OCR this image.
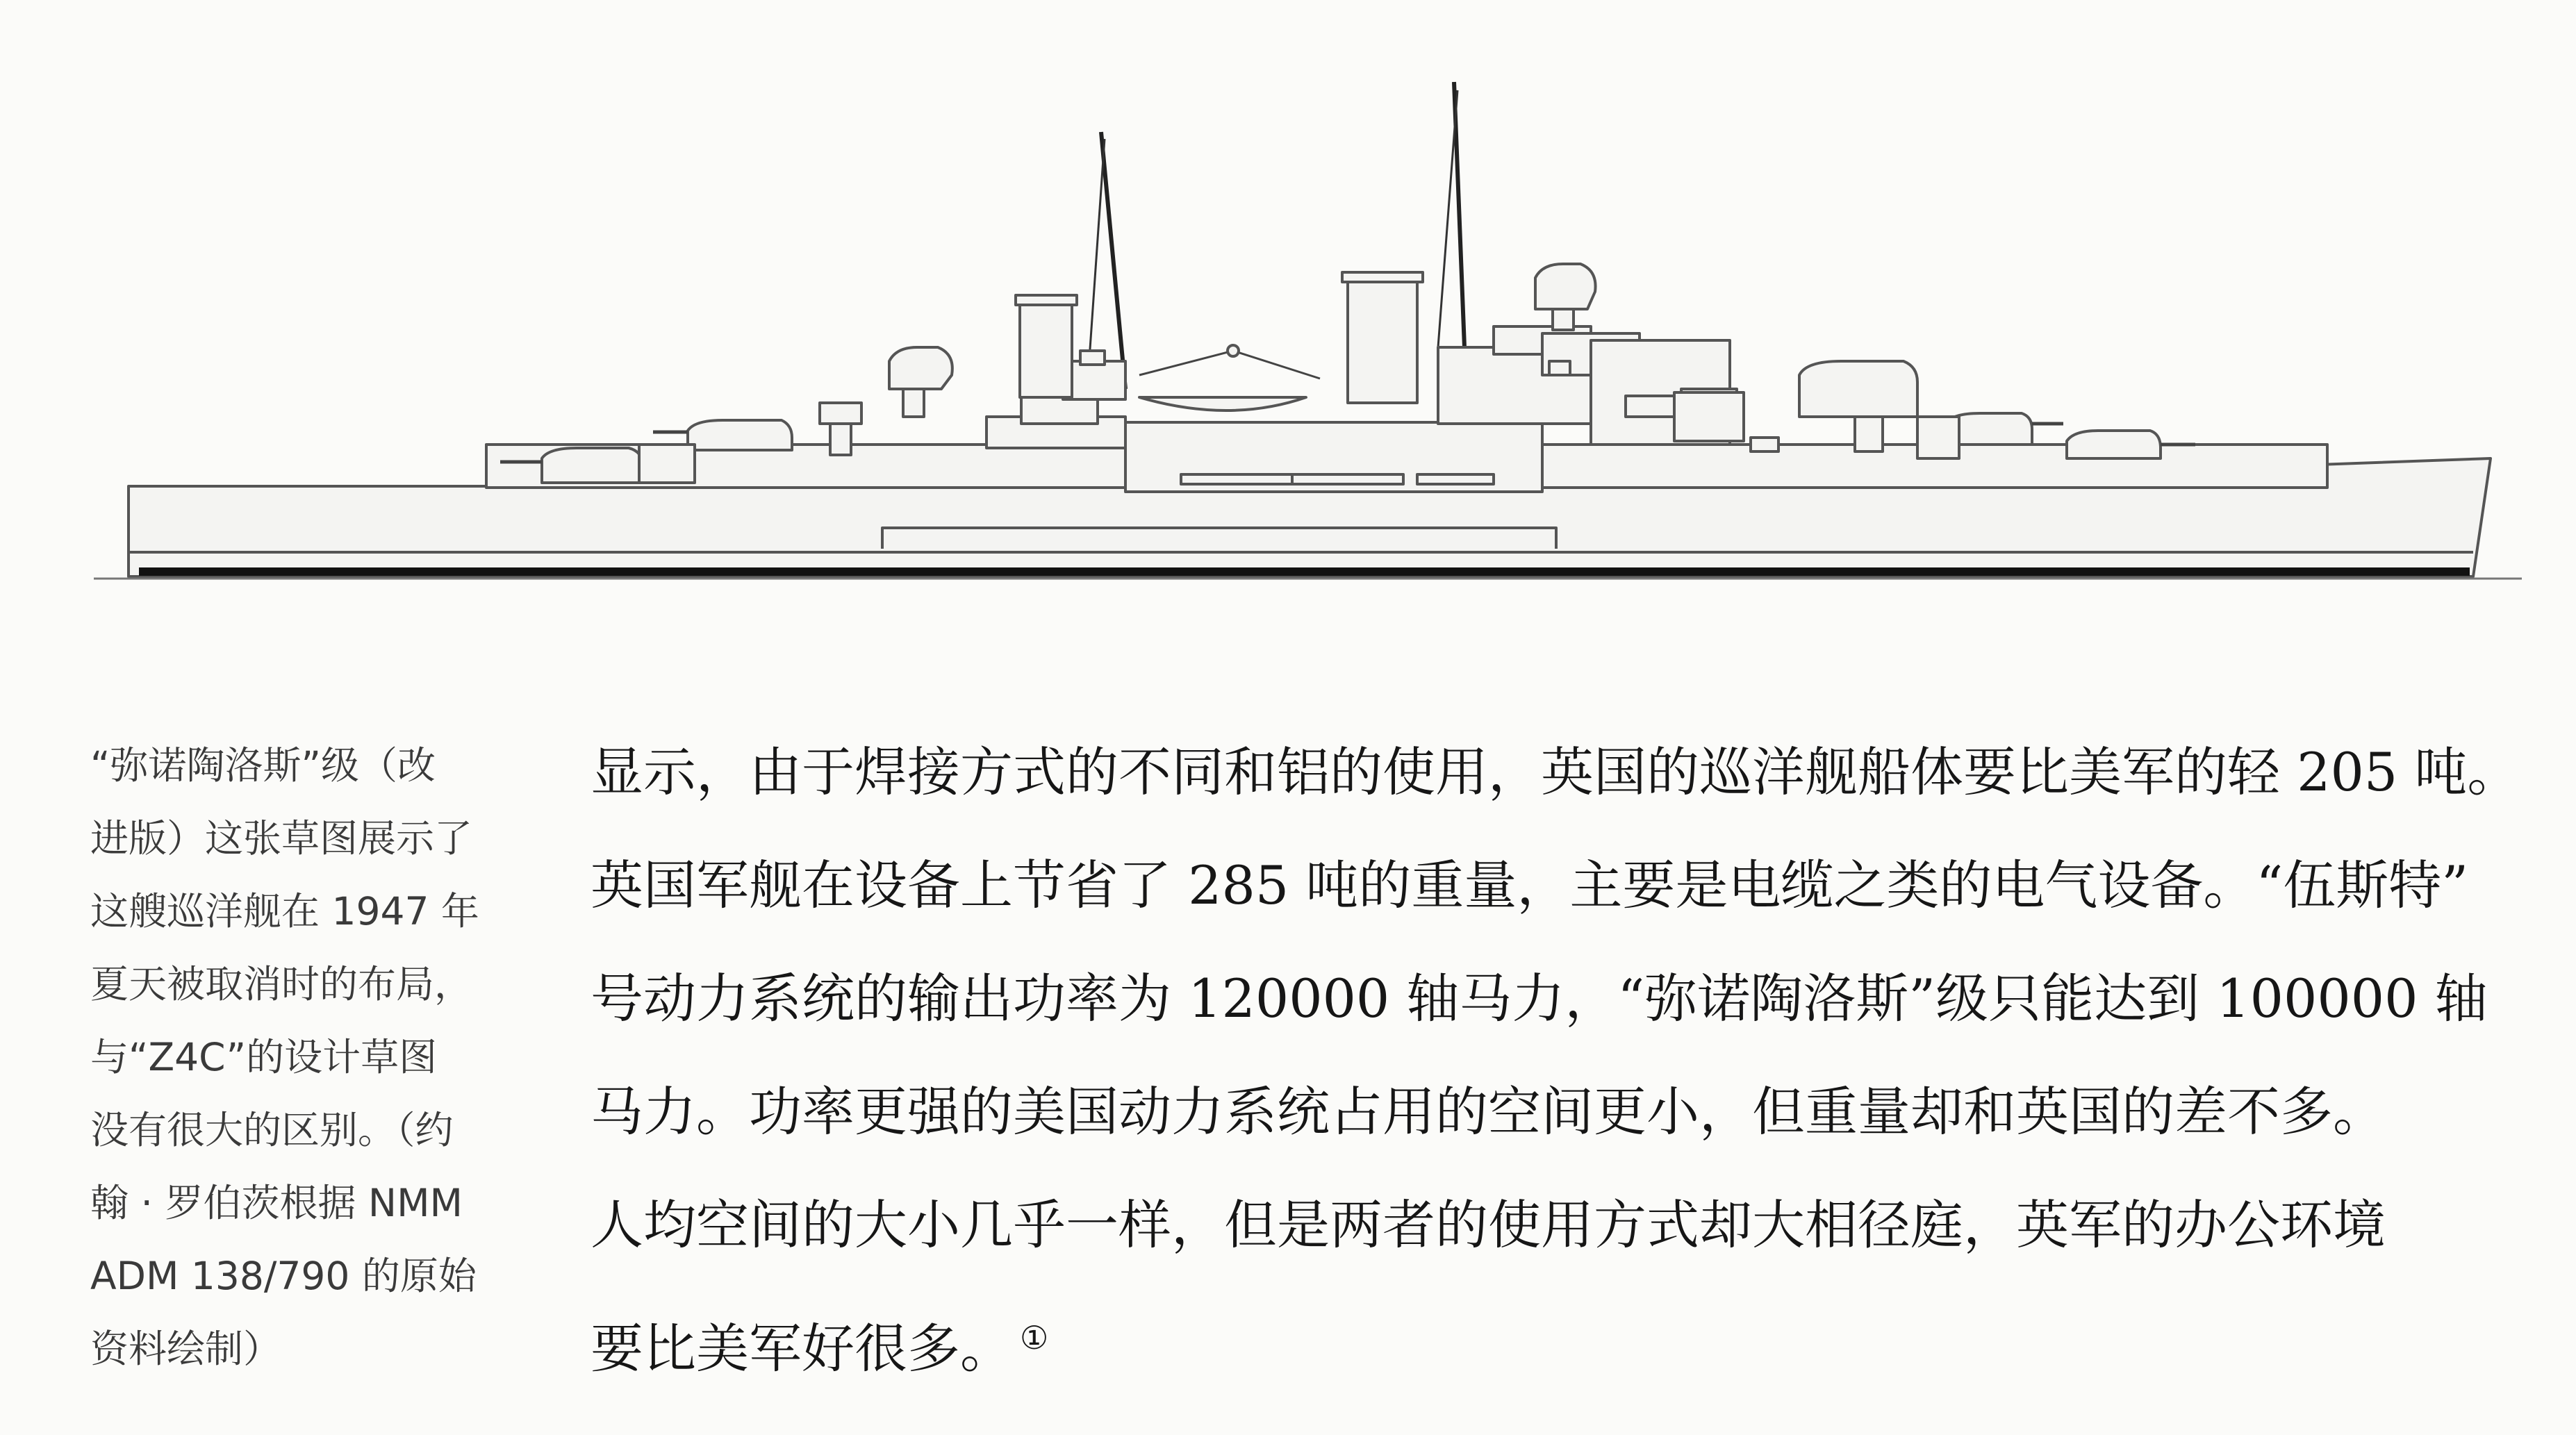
“弥诺陶洛斯”级（改
进版）这张草图展示了
这艘巡洋舰在 1947 年
夏天被取消时的布局，
与“Z4C”的设计草图
没有很大的区别。（约
翰 · 罗伯茨根据 NMM
ADM 138/790 的原始
资料绘制）
显示，由于焊接方式的不同和铝的使用，英国的巡洋舰船体要比美军的轻 205 吨。
英国军舰在设备上节省了 285 吨的重量，主要是电缆之类的电气设备。“伍斯特”
号动力系统的输出功率为 120000 轴马力，“弥诺陶洛斯”级只能达到 100000 轴
马力。功率更强的美国动力系统占用的空间更小，但重量却和英国的差不多。
人均空间的大小几乎一样，但是两者的使用方式却大相径庭，英军的办公环境
要比美军好很多。 ①
